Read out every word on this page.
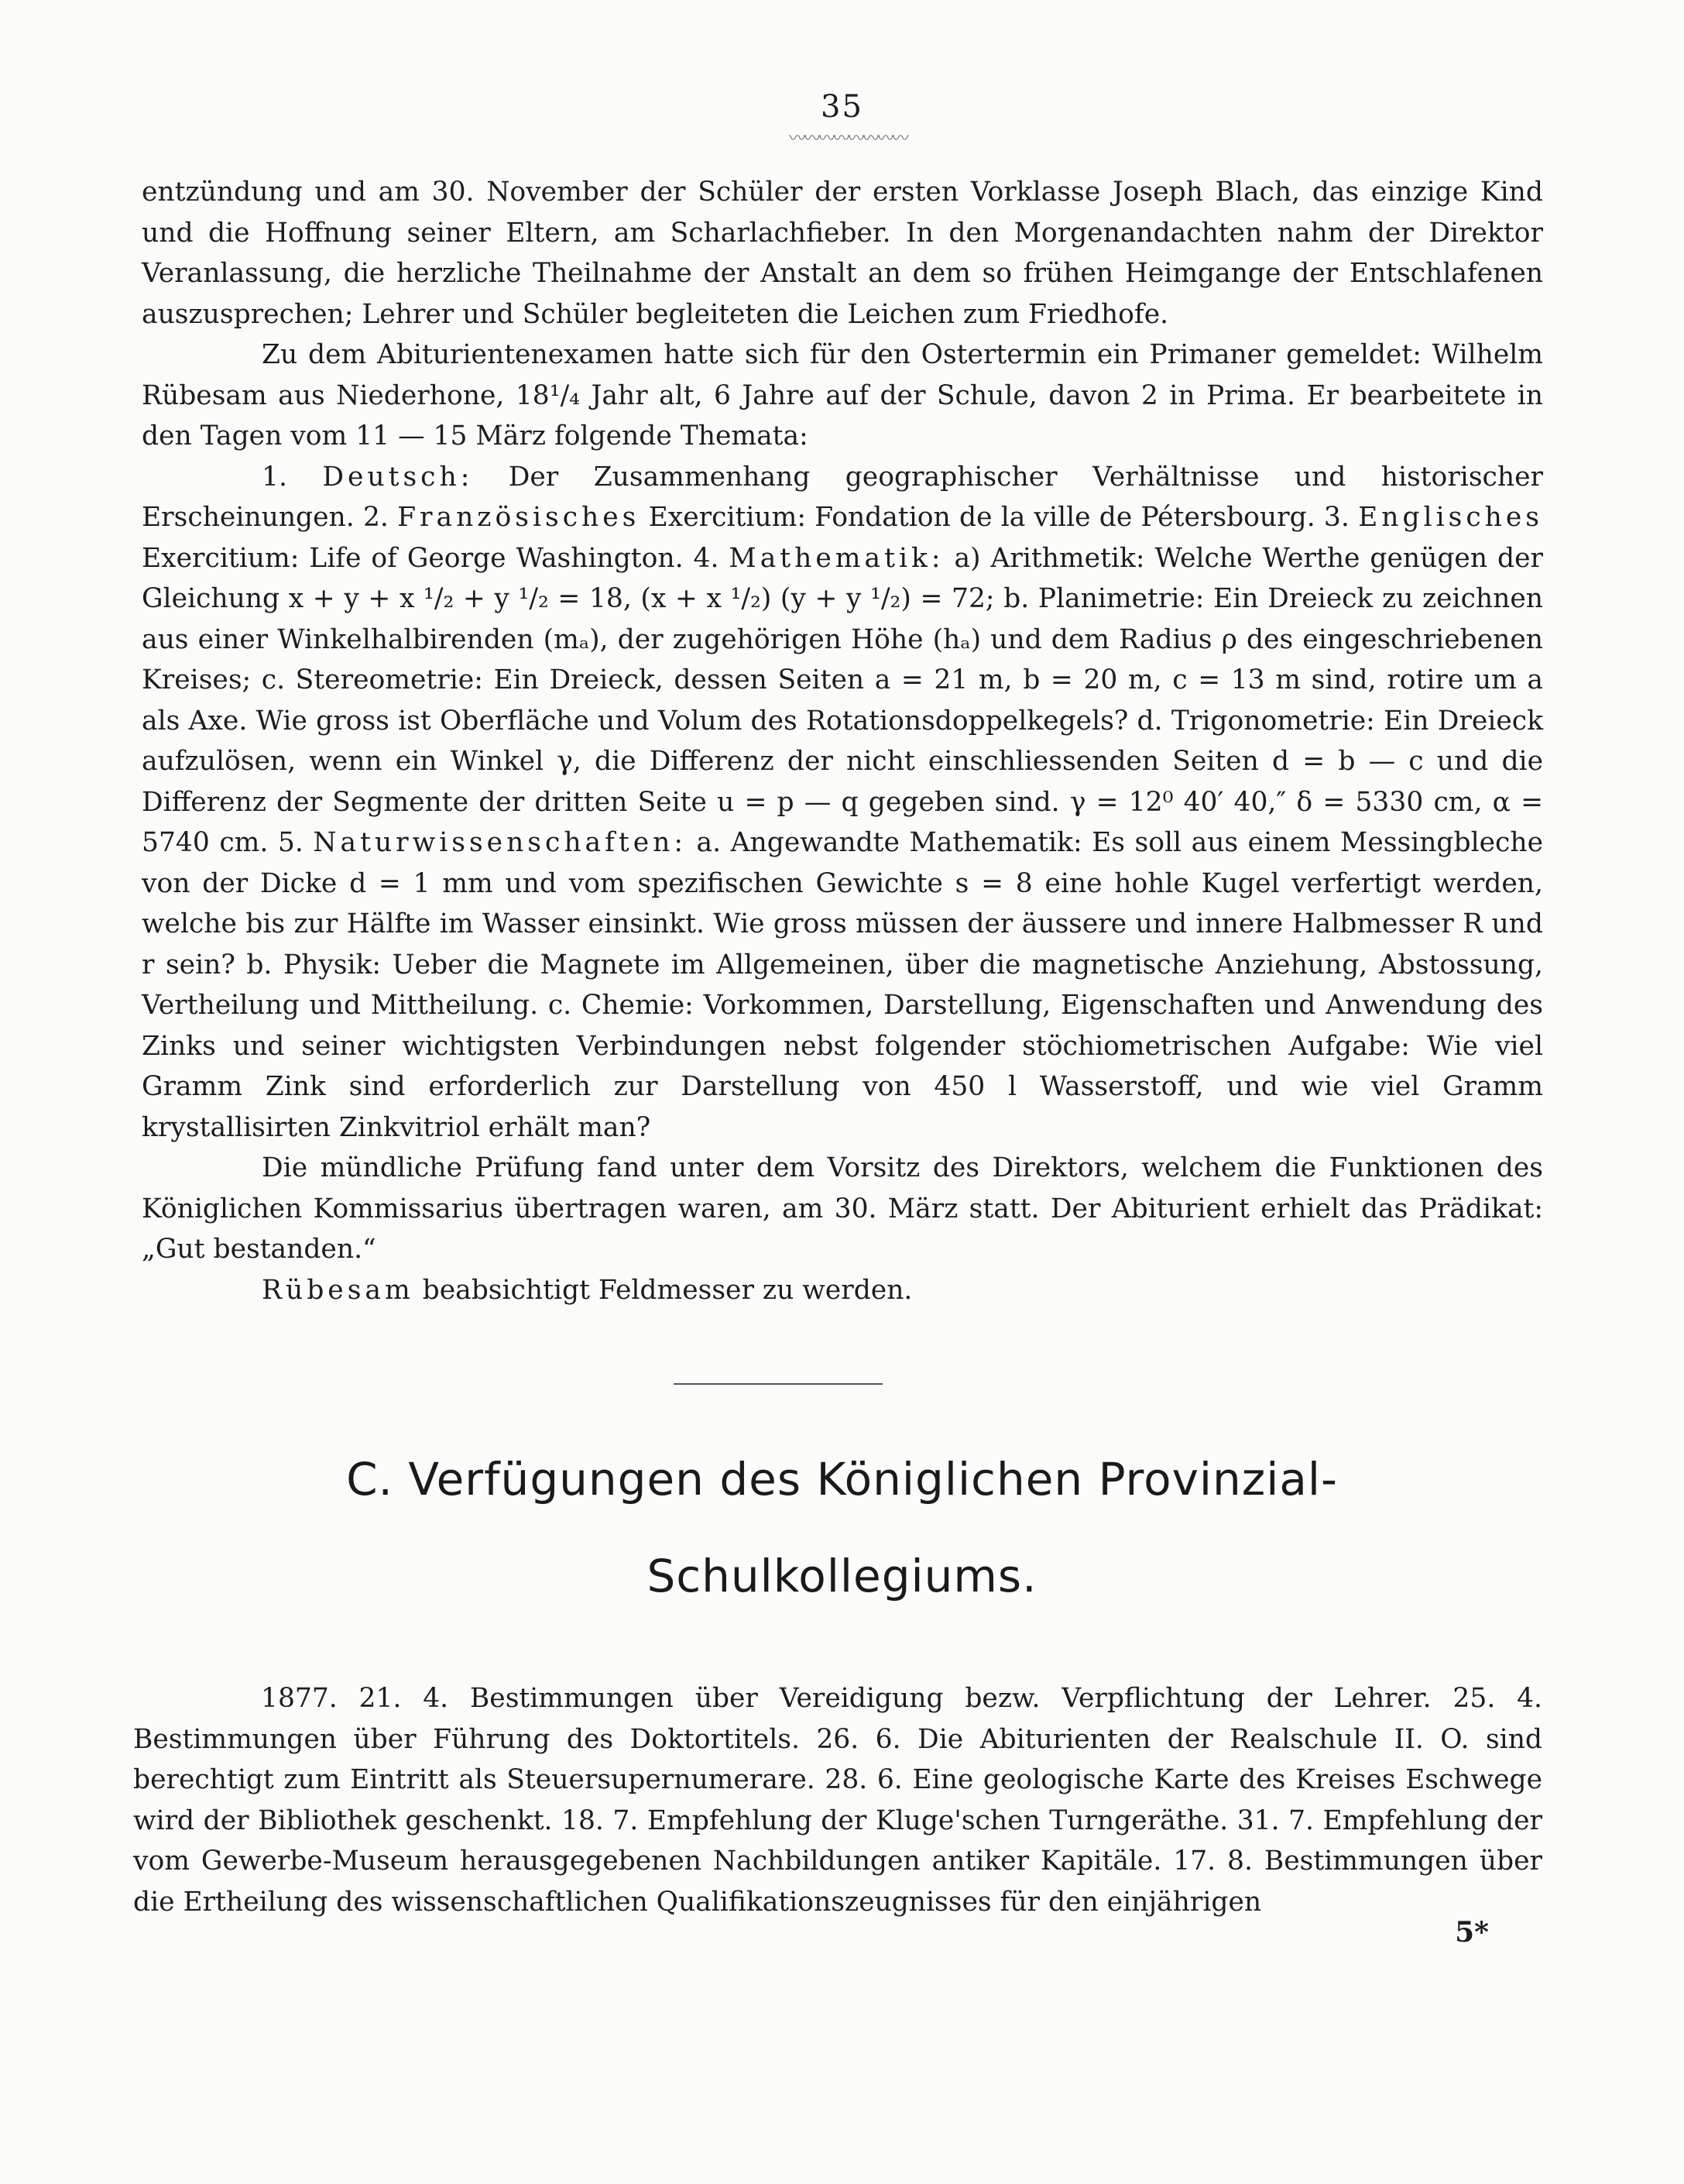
35
〰〰〰〰〰〰〰〰

entzündung und am 30. November der Schüler der ersten Vorklasse Joseph Blach, das einzige Kind und die Hoffnung seiner Eltern, am Scharlachfieber. In den Morgenandachten nahm der Direktor Veranlassung, die herzliche Theilnahme der Anstalt an dem so frühen Heimgange der Entschlafenen auszusprechen; Lehrer und Schüler begleiteten die Leichen zum Friedhofe.

Zu dem Abiturientenexamen hatte sich für den Ostertermin ein Primaner gemeldet: Wilhelm Rübesam aus Niederhone, 18¹/₄ Jahr alt, 6 Jahre auf der Schule, davon 2 in Prima. Er bearbeitete in den Tagen vom 11 — 15 März folgende Themata:

1. Deutsch: Der Zusammenhang geographischer Verhältnisse und historischer Erscheinungen. 2. Französisches Exercitium: Fondation de la ville de Pétersbourg. 3. Englisches Exercitium: Life of George Washington. 4. Mathematik: a) Arithmetik: Welche Werthe genügen der Gleichung x + y + x ¹/₂ + y ¹/₂ = 18, (x + x ¹/₂) (y + y ¹/₂) = 72; b. Planimetrie: Ein Dreieck zu zeichnen aus einer Winkelhalbirenden (mₐ), der zugehörigen Höhe (hₐ) und dem Radius ρ des eingeschriebenen Kreises; c. Stereometrie: Ein Dreieck, dessen Seiten a = 21 m, b = 20 m, c = 13 m sind, rotire um a als Axe. Wie gross ist Oberfläche und Volum des Rotationsdoppelkegels? d. Trigonometrie: Ein Dreieck aufzulösen, wenn ein Winkel γ, die Differenz der nicht einschliessenden Seiten d = b — c und die Differenz der Segmente der dritten Seite u = p — q gegeben sind. γ = 12⁰ 40′ 40,″ δ = 5330 cm, α = 5740 cm. 5. Naturwissenschaften: a. Angewandte Mathematik: Es soll aus einem Messingbleche von der Dicke d = 1 mm und vom spezifischen Gewichte s = 8 eine hohle Kugel verfertigt werden, welche bis zur Hälfte im Wasser einsinkt. Wie gross müssen der äussere und innere Halbmesser R und r sein? b. Physik: Ueber die Magnete im Allgemeinen, über die magnetische Anziehung, Abstossung, Vertheilung und Mittheilung. c. Chemie: Vorkommen, Darstellung, Eigenschaften und Anwendung des Zinks und seiner wichtigsten Verbindungen nebst folgender stöchiometrischen Aufgabe: Wie viel Gramm Zink sind erforderlich zur Darstellung von 450 l Wasserstoff, und wie viel Gramm krystallisirten Zinkvitriol erhält man?

Die mündliche Prüfung fand unter dem Vorsitz des Direktors, welchem die Funktionen des Königlichen Kommissarius übertragen waren, am 30. März statt. Der Abiturient erhielt das Prädikat: „Gut bestanden.“

Rübesam beabsichtigt Feldmesser zu werden.

C. Verfügungen des Königlichen Provinzial-
Schulkollegiums.

1877. 21. 4. Bestimmungen über Vereidigung bezw. Verpflichtung der Lehrer. 25. 4. Bestimmungen über Führung des Doktortitels. 26. 6. Die Abiturienten der Realschule II. O. sind berechtigt zum Eintritt als Steuersupernumerare. 28. 6. Eine geologische Karte des Kreises Eschwege wird der Bibliothek geschenkt. 18. 7. Empfehlung der Kluge'schen Turngeräthe. 31. 7. Empfehlung der vom Gewerbe-Museum herausgegebenen Nachbildungen antiker Kapitäle. 17. 8. Bestimmungen über die Ertheilung des wissenschaftlichen Qualifikationszeugnisses für den einjährigen

5*
